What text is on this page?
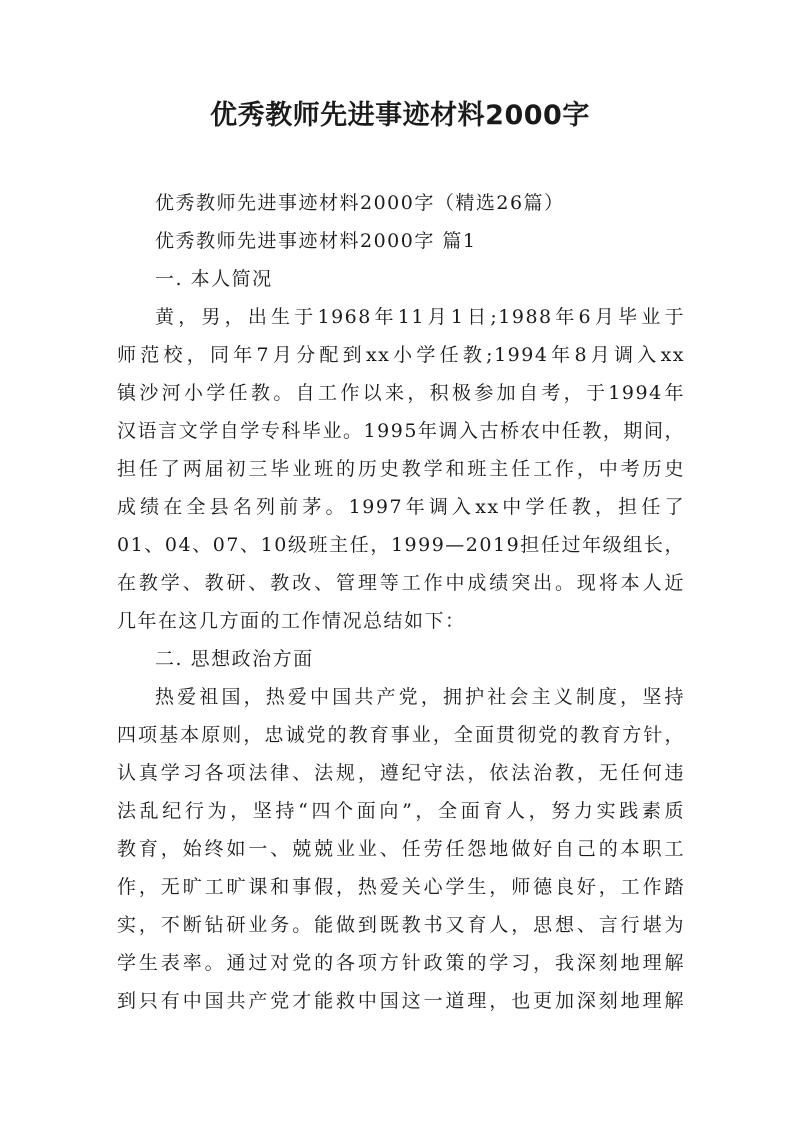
优秀教师先进事迹材料2000字
优秀教师先进事迹材料2000字（精选26篇）
优秀教师先进事迹材料2000字 篇1
一. 本人简况
黄，男，出生于1968年11月1日;1988年6月毕业于
师范校，同年7月分配到xx小学任教;1994年8月调入xx
镇沙河小学任教。自工作以来，积极参加自考，于1994年
汉语言文学自学专科毕业。1995年调入古桥农中任教，期间，
担任了两届初三毕业班的历史教学和班主任工作，中考历史
成绩在全县名列前茅。1997年调入xx中学任教，担任了
01、04、07、10级班主任，1999—2019担任过年级组长，
在教学、教研、教改、管理等工作中成绩突出。现将本人近
几年在这几方面的工作情况总结如下：
二. 思想政治方面
热爱祖国，热爱中国共产党，拥护社会主义制度，坚持
四项基本原则，忠诚党的教育事业，全面贯彻党的教育方针，
认真学习各项法律、法规，遵纪守法，依法治教，无任何违
法乱纪行为，坚持“四个面向”，全面育人，努力实践素质
教育，始终如一、兢兢业业、任劳任怨地做好自己的本职工
作，无旷工旷课和事假，热爱关心学生，师德良好，工作踏
实，不断钻研业务。能做到既教书又育人，思想、言行堪为
学生表率。通过对党的各项方针政策的学习，我深刻地理解
到只有中国共产党才能救中国这一道理，也更加深刻地理解
